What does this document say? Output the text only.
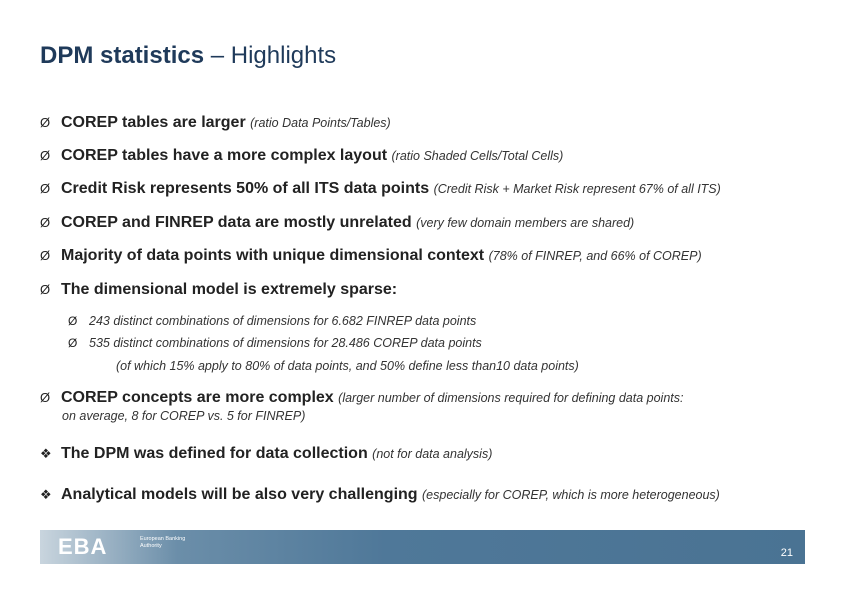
DPM statistics – Highlights
Ø COREP tables are larger (ratio Data Points/Tables)
Ø COREP tables have a more complex layout (ratio Shaded Cells/Total Cells)
Ø Credit Risk represents 50% of all ITS data points (Credit Risk + Market Risk represent 67% of all ITS)
Ø COREP and FINREP data are mostly unrelated (very few domain members are shared)
Ø Majority of data points with unique dimensional context (78% of FINREP, and 66% of COREP)
Ø The dimensional model is extremely sparse:
Ø 243 distinct combinations of dimensions for 6.682 FINREP data points
Ø 535 distinct combinations of dimensions for 28.486 COREP data points
(of which 15% apply to 80% of data points, and 50% define less than10 data points)
Ø COREP concepts are more complex (larger number of dimensions required for defining data points:
on average, 8 for COREP vs. 5 for FINREP)
❖ The DPM was defined for data collection (not for data analysis)
❖ Analytical models will be also very challenging (especially for COREP, which is more heterogeneous)
EBA	European Banking Authority
21
